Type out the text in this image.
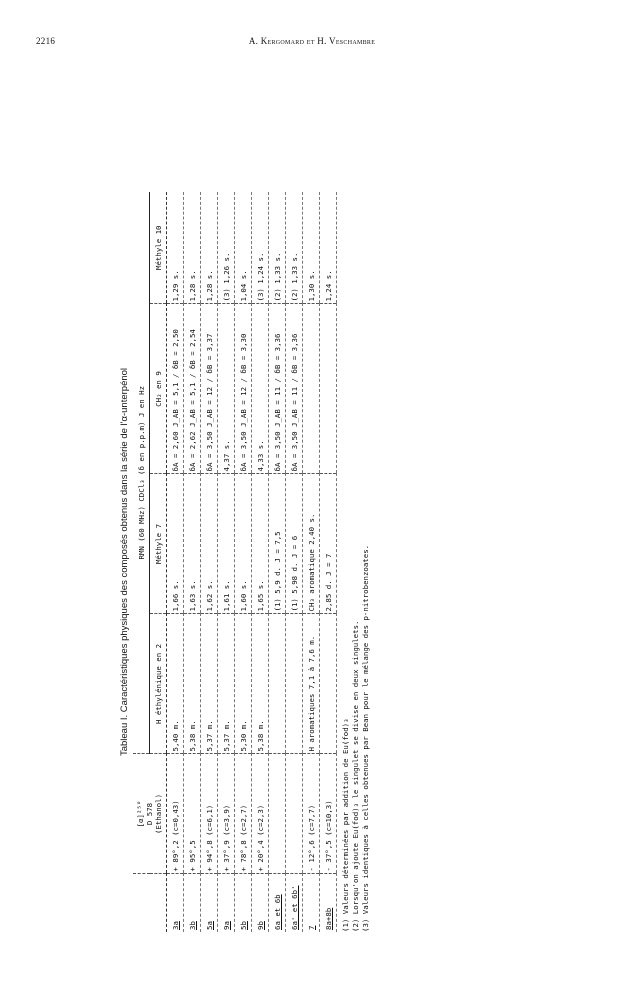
2216	A. Kergomard et H. Veschambre
Tableau I. Caractéristiques physiques des composés obtenus dans la série de l'α-unterpénol

	[α]²⁵° D 578 (Ethanol)	RMN (60 MHz) CDCl₃ (δ en p.p.m) J en Hz			
		H éthylénique en 2	Méthyle 7	CH₂ en 9	Méthyle 10
3a	+ 89°,2 (c=0,43)	5,40 m.	1,66 s.	δA = 2,60 J_AB = 5,1 / δB = 2,50	1,29 s.
3b	+ 95°,5	5,38 m.	1,63 s.	δA = 2,62 J_AB = 5,1 / δB = 2,54	1,28 s.
5a	+ 94°,8 (c=6,1)	5,37 m.	1,62 s.	δA = 3,50 J_AB = 12 / δB = 3,37	1,28 s.
9a	+ 37°,9 (c=3,9)	5,37 m.	1,61 s.	4,37 s.	(3) 1,26 s.
5b	+ 78°,8 (c=2,7)	5,30 m.	1,60 s.	δA = 3,50 J_AB = 12 / δB = 3,30	1,04 s.
9b	+ 20°,4 (c=2,3)	5,38 m.	1,65 s.	4,33 s.	(3) 1,24 s.
6a et 6b			(1) 5,9 d. J = 7,5	δA = 3,50 J_AB = 11 / δB = 3,36	(2) 1,33 s.
6a' et 6b'			(1) 5,98 d. J = 6	δA = 3,50 J_AB = 11 / δB = 3,36	(2) 1,33 s.
7	- 12°,6 (c=7,7)	H aromatiques 7,1 à 7,6 m.	CH₃ aromatique 2,40 s.		1,30 s.
8a+8b	- 37°,5 (c=10,3)		2,85 d. J = 7		1,24 s.
(1) Valeurs déterminées par addition de Eu(fod)₃ (2) Lorsqu'on ajoute Eu(fod)₃ le singulet se divise en deux singulets. (3) Valeurs identiques à celles obtenues par Bean pour le mélange des p-nitrobenzoates.
